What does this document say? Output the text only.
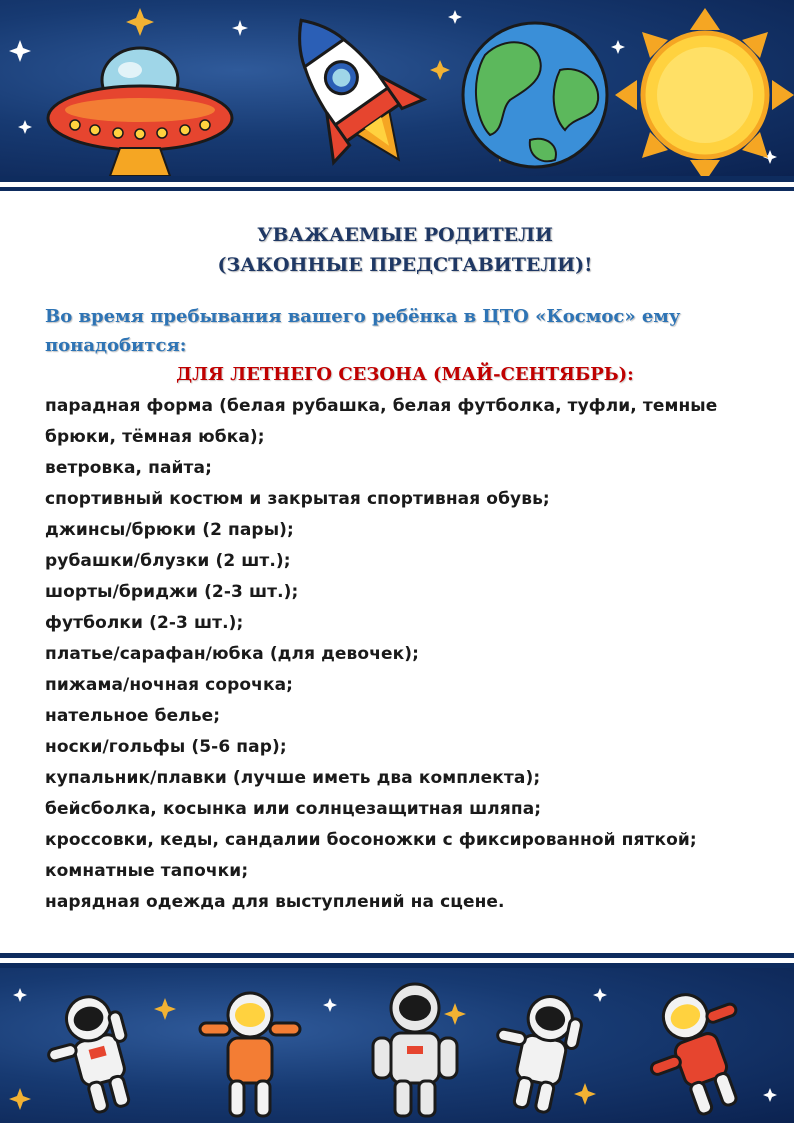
УВАЖАЕМЫЕ РОДИТЕЛИ
(ЗАКОННЫЕ ПРЕДСТАВИТЕЛИ)!

Во время пребывания вашего ребёнка в ЦТО «Космос» ему понадобится:

ДЛЯ ЛЕТНЕГО СЕЗОНА (МАЙ-СЕНТЯБРЬ):

парадная форма (белая рубашка, белая футболка, туфли, темные брюки, тёмная юбка);
ветровка, пайта;
спортивный костюм и закрытая спортивная обувь;
джинсы/брюки (2 пары);
рубашки/блузки (2 шт.);
шорты/бриджи (2-3 шт.);
футболки (2-3 шт.);
платье/сарафан/юбка (для девочек);
пижама/ночная сорочка;
нательное белье;
носки/гольфы (5-6 пар);
купальник/плавки (лучше иметь два комплекта);
бейсболка, косынка или солнцезащитная шляпа;
кроссовки, кеды, сандалии босоножки с фиксированной пяткой;
комнатные тапочки;
нарядная одежда для выступлений на сцене.
